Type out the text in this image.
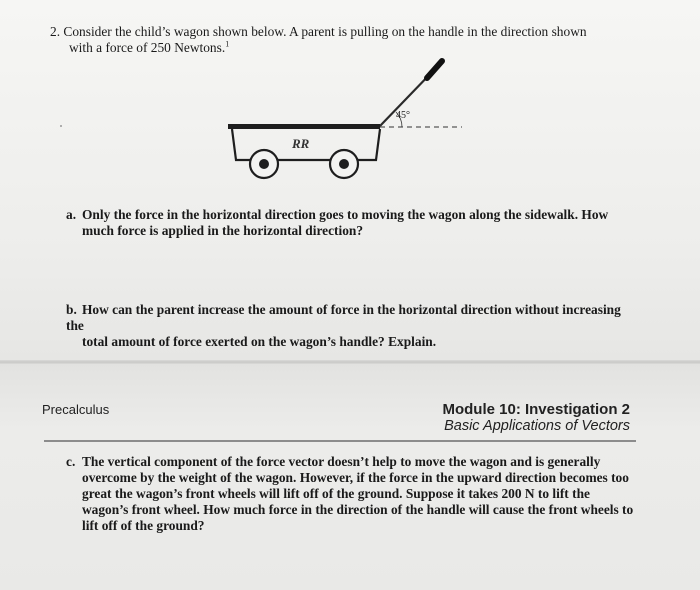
2. Consider the child’s wagon shown below. A parent is pulling on the handle in the direction shown
with a force of 250 Newtons.$^1$
RR
45°
a. Only the force in the horizontal direction goes to moving the wagon along the sidewalk. How
much force is applied in the horizontal direction?
b. How can the parent increase the amount of force in the horizontal direction without increasing the
total amount of force exerted on the wagon’s handle? Explain.
Precalculus	Module 10: Investigation 2
Basic Applications of Vectors
c. The vertical component of the force vector doesn’t help to move the wagon and is generally
overcome by the weight of the wagon. However, if the force in the upward direction becomes too
great the wagon’s front wheels will lift off of the ground. Suppose it takes 200 N to lift the
wagon’s front wheel. How much force in the direction of the handle will cause the front wheels to
lift off of the ground?
